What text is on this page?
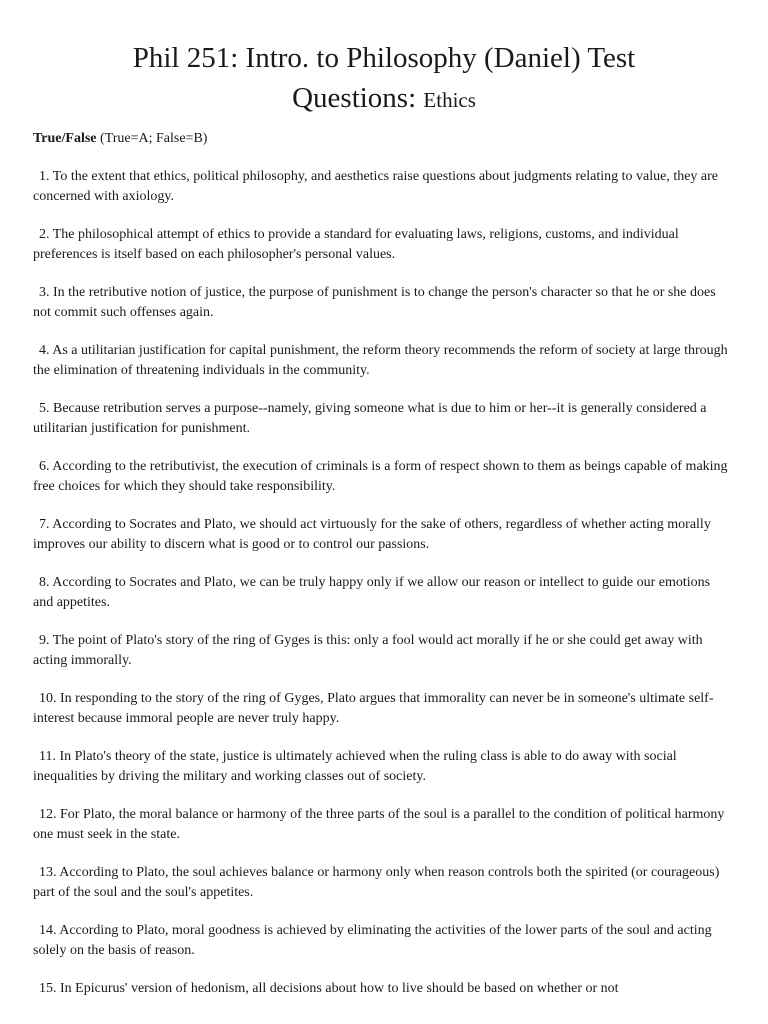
Phil 251: Intro. to Philosophy (Daniel) Test
Questions: Ethics
True/False (True=A; False=B)
1. To the extent that ethics, political philosophy, and aesthetics raise questions about judgments relating to value, they are concerned with axiology.
2. The philosophical attempt of ethics to provide a standard for evaluating laws, religions, customs, and individual preferences is itself based on each philosopher's personal values.
3. In the retributive notion of justice, the purpose of punishment is to change the person's character so that he or she does not commit such offenses again.
4. As a utilitarian justification for capital punishment, the reform theory recommends the reform of society at large through the elimination of threatening individuals in the community.
5. Because retribution serves a purpose--namely, giving someone what is due to him or her--it is generally considered a utilitarian justification for punishment.
6. According to the retributivist, the execution of criminals is a form of respect shown to them as beings capable of making free choices for which they should take responsibility.
7. According to Socrates and Plato, we should act virtuously for the sake of others, regardless of whether acting morally improves our ability to discern what is good or to control our passions.
8. According to Socrates and Plato, we can be truly happy only if we allow our reason or intellect to guide our emotions and appetites.
9. The point of Plato's story of the ring of Gyges is this: only a fool would act morally if he or she could get away with acting immorally.
10. In responding to the story of the ring of Gyges, Plato argues that immorality can never be in someone's ultimate self-interest because immoral people are never truly happy.
11. In Plato's theory of the state, justice is ultimately achieved when the ruling class is able to do away with social inequalities by driving the military and working classes out of society.
12. For Plato, the moral balance or harmony of the three parts of the soul is a parallel to the condition of political harmony one must seek in the state.
13. According to Plato, the soul achieves balance or harmony only when reason controls both the spirited (or courageous) part of the soul and the soul's appetites.
14. According to Plato, moral goodness is achieved by eliminating the activities of the lower parts of the soul and acting solely on the basis of reason.
15. In Epicurus' version of hedonism, all decisions about how to live should be based on whether or not
